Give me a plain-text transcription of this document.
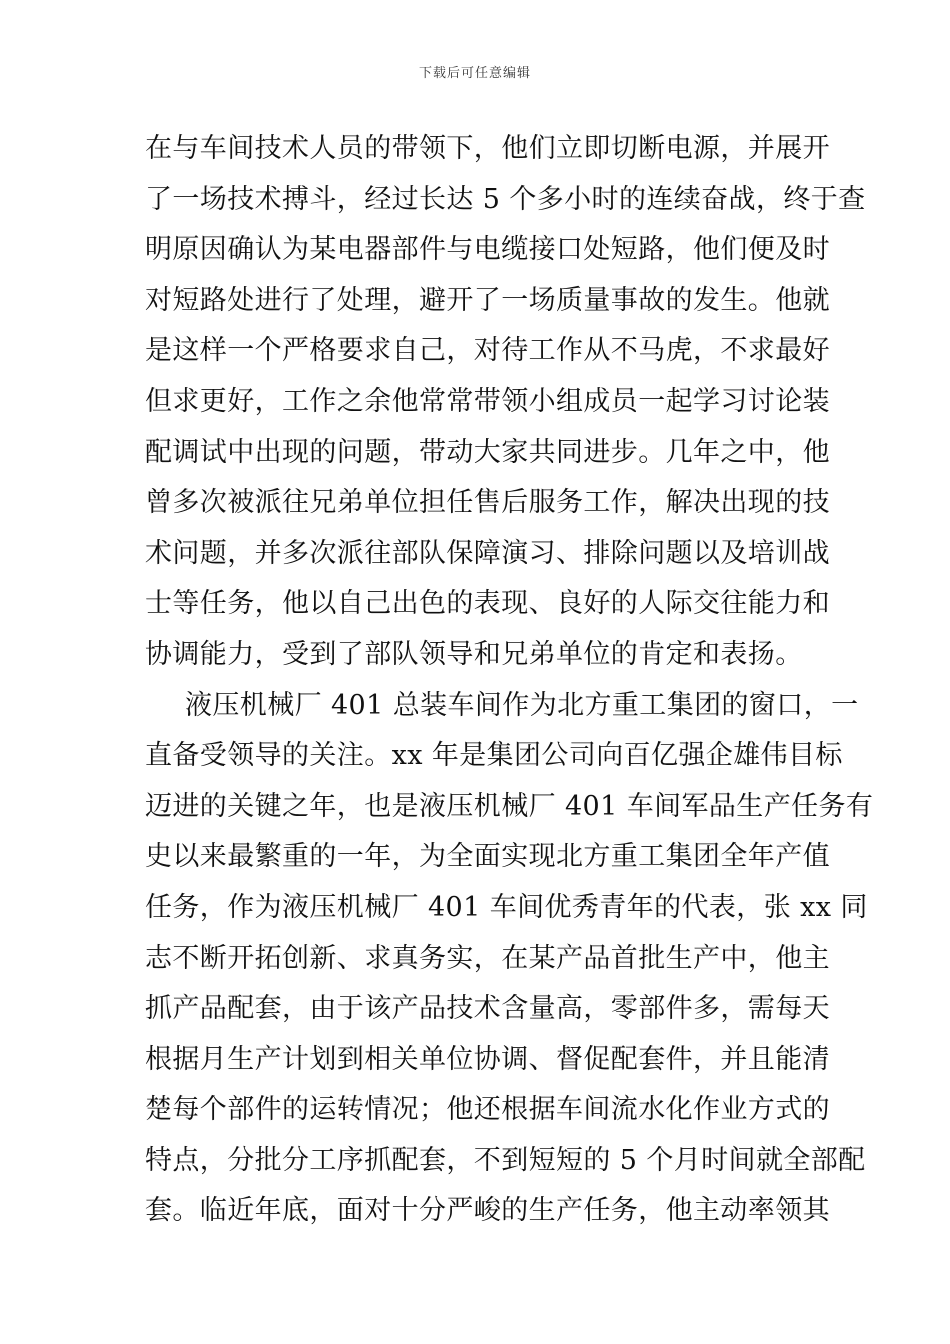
下载后可任意编辑
在与车间技术人员的带领下，他们立即切断电源，并展开
了一场技术搏斗，经过长达 5 个多小时的连续奋战，终于查
明原因确认为某电器部件与电缆接口处短路，他们便及时
对短路处进行了处理，避开了一场质量事故的发生。他就
是这样一个严格要求自己，对待工作从不马虎，不求最好
但求更好，工作之余他常常带领小组成员一起学习讨论装
配调试中出现的问题，带动大家共同进步。几年之中，他
曾多次被派往兄弟单位担任售后服务工作，解决出现的技
术问题，并多次派往部队保障演习、排除问题以及培训战
士等任务，他以自己出色的表现、良好的人际交往能力和
协调能力，受到了部队领导和兄弟单位的肯定和表扬。
液压机械厂 401 总装车间作为北方重工集团的窗口，一
直备受领导的关注。xx 年是集团公司向百亿强企雄伟目标
迈进的关键之年，也是液压机械厂 401 车间军品生产任务有
史以来最繁重的一年，为全面实现北方重工集团全年产值
任务，作为液压机械厂 401 车间优秀青年的代表，张 xx 同
志不断开拓创新、求真务实，在某产品首批生产中，他主
抓产品配套，由于该产品技术含量高，零部件多，需每天
根据月生产计划到相关单位协调、督促配套件，并且能清
楚每个部件的运转情况；他还根据车间流水化作业方式的
特点，分批分工序抓配套，不到短短的 5 个月时间就全部配
套。临近年底，面对十分严峻的生产任务，他主动率领其
